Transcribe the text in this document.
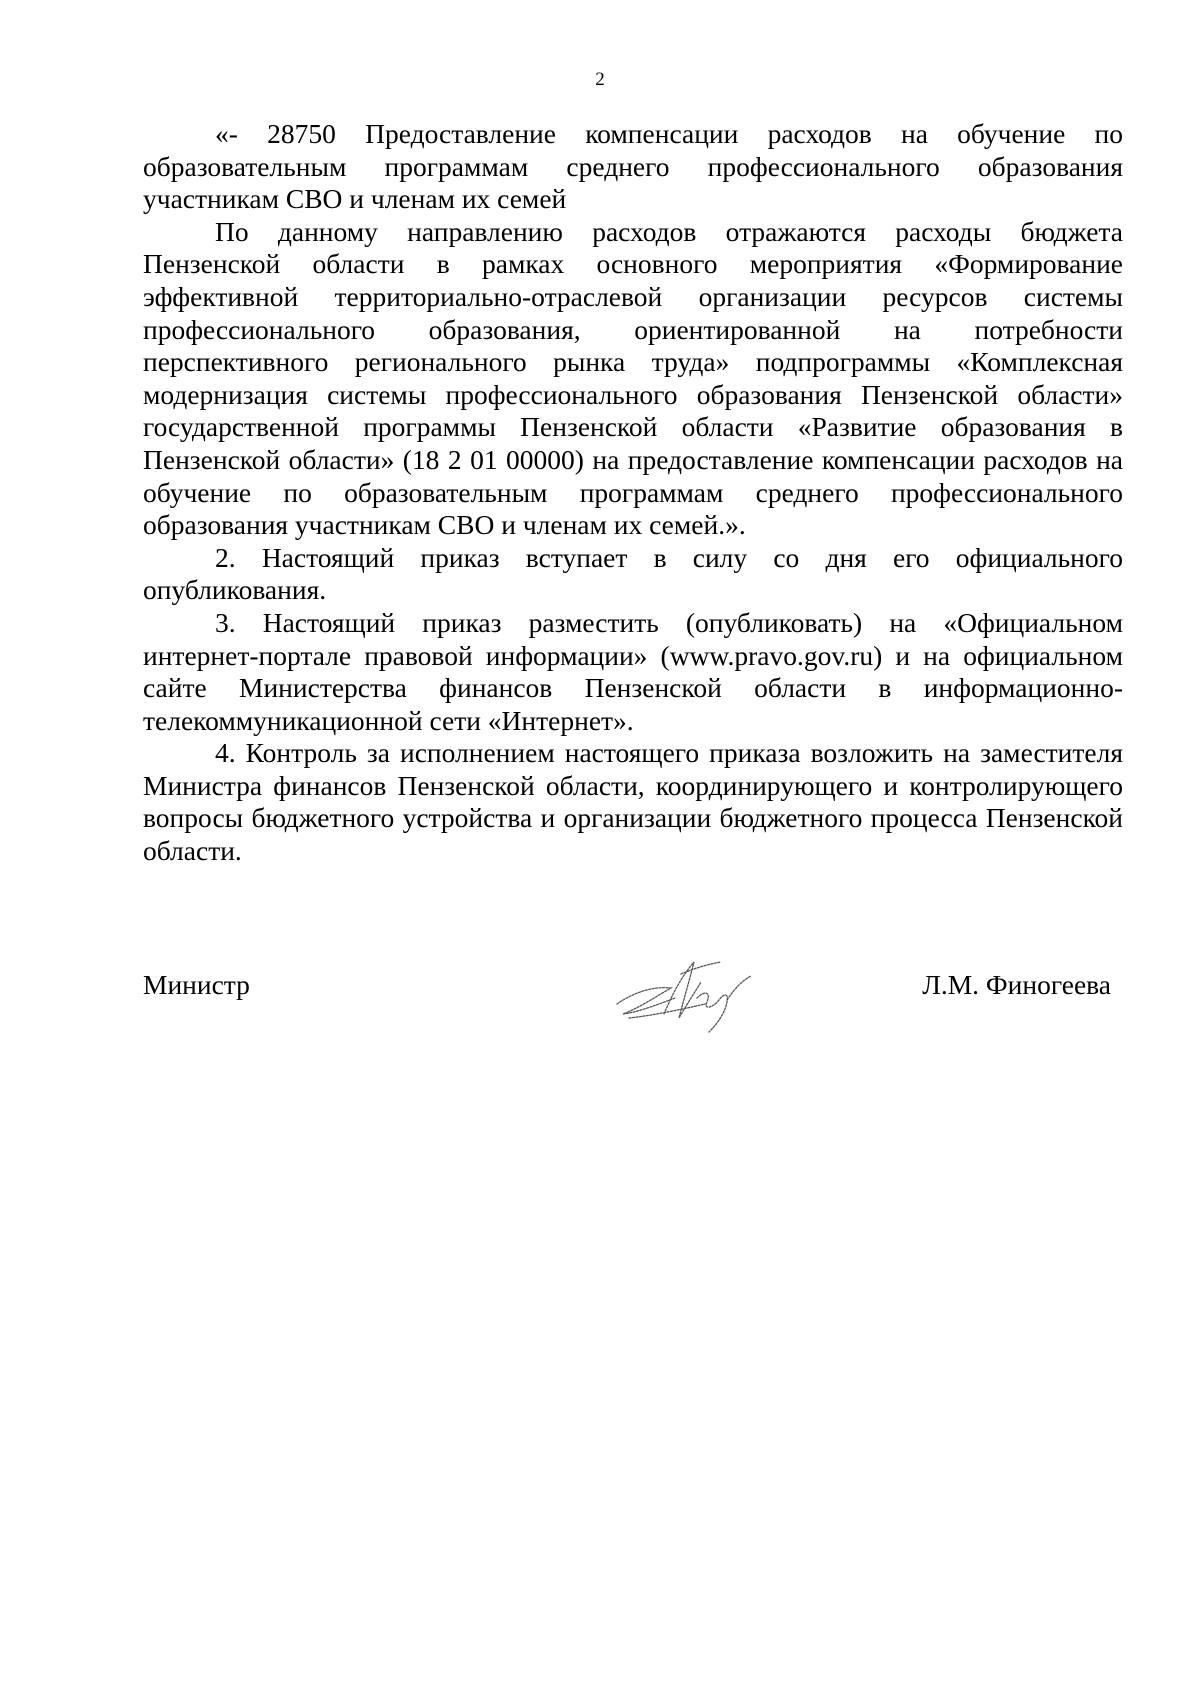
2

«- 28750 Предоставление компенсации расходов на обучение по образовательным программам среднего профессионального образования участникам СВО и членам их семей

По данному направлению расходов отражаются расходы бюджета Пензенской области в рамках основного мероприятия «Формирование эффективной территориально-отраслевой организации ресурсов системы профессионального образования, ориентированной на потребности перспективного регионального рынка труда» подпрограммы «Комплексная модернизация системы профессионального образования Пензенской области» государственной программы Пензенской области «Развитие образования в Пензенской области» (18 2 01 00000) на предоставление компенсации расходов на обучение по образовательным программам среднего профессионального образования участникам СВО и членам их семей.».

2. Настоящий приказ вступает в силу со дня его официального опубликования.

3. Настоящий приказ разместить (опубликовать) на «Официальном интернет-портале правовой информации» (www.pravo.gov.ru) и на официальном сайте Министерства финансов Пензенской области в информационно-телекоммуникационной сети «Интернет».

4. Контроль за исполнением настоящего приказа возложить на заместителя Министра финансов Пензенской области, координирующего и контролирующего вопросы бюджетного устройства и организации бюджетного процесса Пензенской области.

Министр	Л.М. Финогеева
